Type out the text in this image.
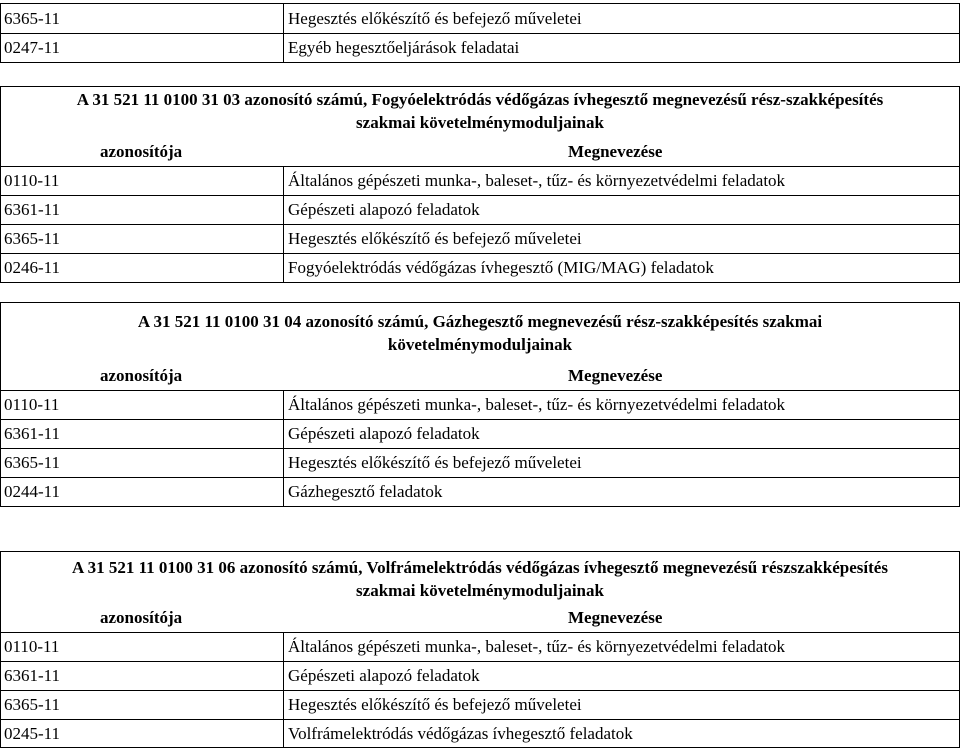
6365-11	Hegesztés előkészítő és befejező műveletei
0247-11	Egyéb hegesztőeljárások feladatai
A 31 521 11 0100 31 03 azonosító számú, Fogyóelektródás védőgázas ívhegesztő megnevezésű rész-szakképesítés
szakmai követelménymoduljainak
azonosítója	Megnevezése
0110-11	Általános gépészeti munka-, baleset-, tűz- és környezetvédelmi feladatok
6361-11	Gépészeti alapozó feladatok
6365-11	Hegesztés előkészítő és befejező műveletei
0246-11	Fogyóelektródás védőgázas ívhegesztő (MIG/MAG) feladatok
A 31 521 11 0100 31 04 azonosító számú, Gázhegesztő megnevezésű rész-szakképesítés szakmai
követelménymoduljainak
azonosítója	Megnevezése
0110-11	Általános gépészeti munka-, baleset-, tűz- és környezetvédelmi feladatok
6361-11	Gépészeti alapozó feladatok
6365-11	Hegesztés előkészítő és befejező műveletei
0244-11	Gázhegesztő feladatok
A 31 521 11 0100 31 06 azonosító számú, Volfrámelektródás védőgázas ívhegesztő megnevezésű részszakképesítés
szakmai követelménymoduljainak
azonosítója	Megnevezése
0110-11	Általános gépészeti munka-, baleset-, tűz- és környezetvédelmi feladatok
6361-11	Gépészeti alapozó feladatok
6365-11	Hegesztés előkészítő és befejező műveletei
0245-11	Volfrámelektródás védőgázas ívhegesztő feladatok
